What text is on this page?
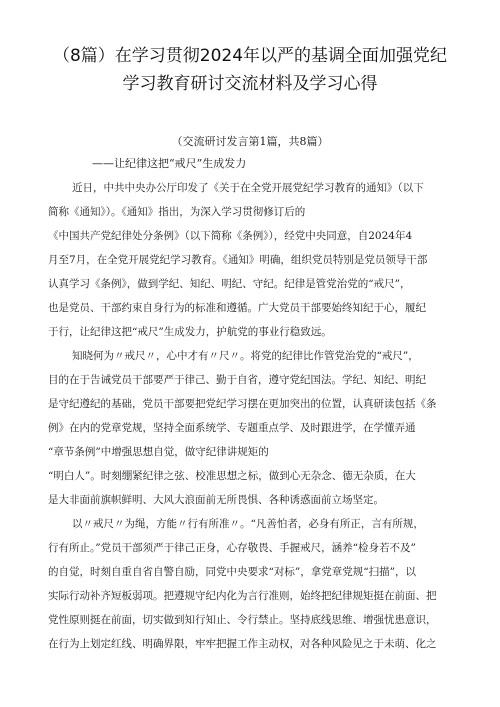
（8篇）在学习贯彻2024年以严的基调全面加强党纪
学习教育研讨交流材料及学习心得
（交流研讨发言第1篇，共8篇）
——让纪律这把“戒尺”生成发力
近日，中共中央办公厅印发了《关于在全党开展党纪学习教育的通知》（以下
简称《通知》）。《通知》指出，为深入学习贯彻修订后的
《中国共产党纪律处分条例》（以下简称《条例》），经党中央同意，自2024年4
月至7月，在全党开展党纪学习教育。《通知》明确，组织党员特别是党员领导干部
认真学习《条例》，做到学纪、知纪、明纪、守纪。纪律是管党治党的“戒尺”，
也是党员、干部约束自身行为的标准和遵循。广大党员干部要始终知纪于心，履纪
于行，让纪律这把“戒尺”生成发力，护航党的事业行稳致远。
知晓何为〃戒尺〃，心中才有〃尺〃。将党的纪律比作管党治党的“戒尺”，
目的在于告诫党员干部要严于律己、勤于自省，遵守党纪国法。学纪、知纪、明纪
是守纪遵纪的基础，党员干部要把党纪学习摆在更加突出的位置，认真研读包括《条
例》在内的党章党规，坚持全面系统学、专题重点学、及时跟进学，在学懂弄通
“章节条例”中增强思想自觉，做守纪律讲规矩的
“明白人”。时刻绷紧纪律之弦、校准思想之标，做到心无杂念、德无杂质，在大
是大非面前旗帜鲜明、大风大浪面前无所畏惧、各种诱惑面前立场坚定。
以〃戒尺〃为绳，方能〃行有所准〃。“凡善怕者，必身有所正，言有所规，
行有所止。”党员干部须严于律己正身，心存敬畏、手握戒尺，涵养“检身若不及”
的自觉，时刻自重自省自警自励，同党中央要求“对标”，拿党章党规“扫描”，以
实际行动补齐短板弱项。把遵规守纪内化为言行准则，始终把纪律规矩挺在前面、把
党性原则挺在前面，切实做到知行知止、令行禁止。坚持底线思维、增强忧患意识，
在行为上划定红线、明确界限，牢牢把握工作主动权，对各种风险见之于未萌、化之
